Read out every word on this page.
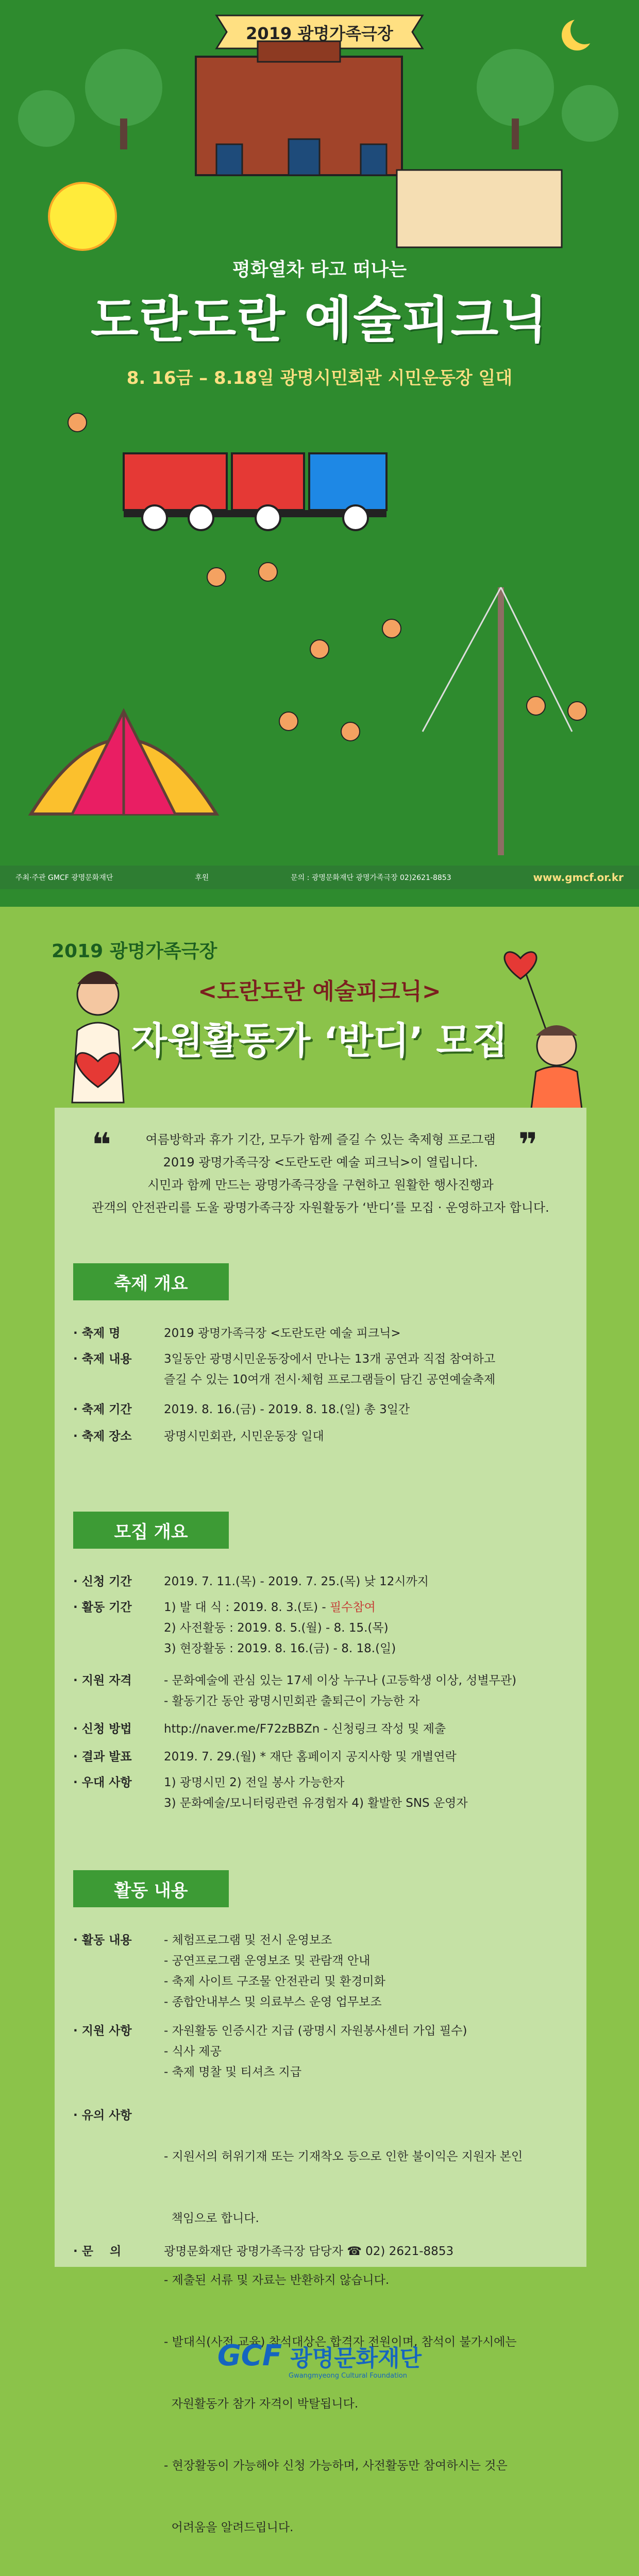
2019 광명가족극장
평화열차 타고 떠나는
도란도란 예술피크닉
8. 16금 – 8.18일 광명시민회관 시민운동장 일대
주최·주관 GMCF 광명문화재단	후원	문의 : 광명문화재단 광명가족극장 02)2621-8853	www.gmcf.or.kr
2019 광명가족극장
<도란도란 예술피크닉>
자원활동가 ‘반디’ 모집
❝	❞
여름방학과 휴가 기간, 모두가 함께 즐길 수 있는 축제형 프로그램
2019 광명가족극장 <도란도란 예술 피크닉>이 열립니다.
시민과 함께 만드는 광명가족극장을 구현하고 원활한 행사진행과
관객의 안전관리를 도울 광명가족극장 자원활동가 ‘반디’를 모집 · 운영하고자 합니다.
축제 개요
· 축제 명	2019 광명가족극장 <도란도란 예술 피크닉>
· 축제 내용	3일동안 광명시민운동장에서 만나는 13개 공연과 직접 참여하고
즐길 수 있는 10여개 전시·체험 프로그램들이 담긴 공연예술축제
· 축제 기간	2019. 8. 16.(금) - 2019. 8. 18.(일) 총 3일간
· 축제 장소	광명시민회관, 시민운동장 일대
모집 개요
· 신청 기간	2019. 7. 11.(목) - 2019. 7. 25.(목) 낮 12시까지
· 활동 기간	1) 발 대 식 : 2019. 8. 3.(토) - 필수참여
2) 사전활동 : 2019. 8. 5.(월) - 8. 15.(목)
3) 현장활동 : 2019. 8. 16.(금) - 8. 18.(일)
· 지원 자격	- 문화예술에 관심 있는 17세 이상 누구나 (고등학생 이상, 성별무관)
- 활동기간 동안 광명시민회관 출퇴근이 가능한 자
· 신청 방법	http://naver.me/F72zBBZn - 신청링크 작성 및 제출
· 결과 발표	2019. 7. 29.(월) * 재단 홈페이지 공지사항 및 개별연락
· 우대 사항	1) 광명시민 2) 전일 봉사 가능한자
3) 문화예술/모니터링관련 유경험자 4) 활발한 SNS 운영자
활동 내용
· 활동 내용	- 체험프로그램 및 전시 운영보조
- 공연프로그램 운영보조 및 관람객 안내
- 축제 사이트 구조물 안전관리 및 환경미화
- 종합안내부스 및 의료부스 운영 업무보조
· 지원 사항	- 자원활동 인증시간 지급 (광명시 자원봉사센터 가입 필수)
- 식사 제공
- 축제 명찰 및 티셔츠 지급
· 유의 사항

- 지원서의 허위기재 또는 기재착오 등으로 인한 불이익은 지원자 본인

책임으로 합니다.

- 제출된 서류 및 자료는 반환하지 않습니다.

- 발대식(사전 교육) 참석대상은 합격자 전원이며, 참석이 불가시에는

자원활동가 참가 자격이 박탈됩니다.

- 현장활동이 가능해야 신청 가능하며, 사전활동만 참여하시는 것은

어려움을 알려드립니다.

· 문    의	광명문화재단 광명가족극장 담당자 ☎ 02) 2621-8853
GCF 광명문화재단
Gwangmyeong Cultural Foundation
